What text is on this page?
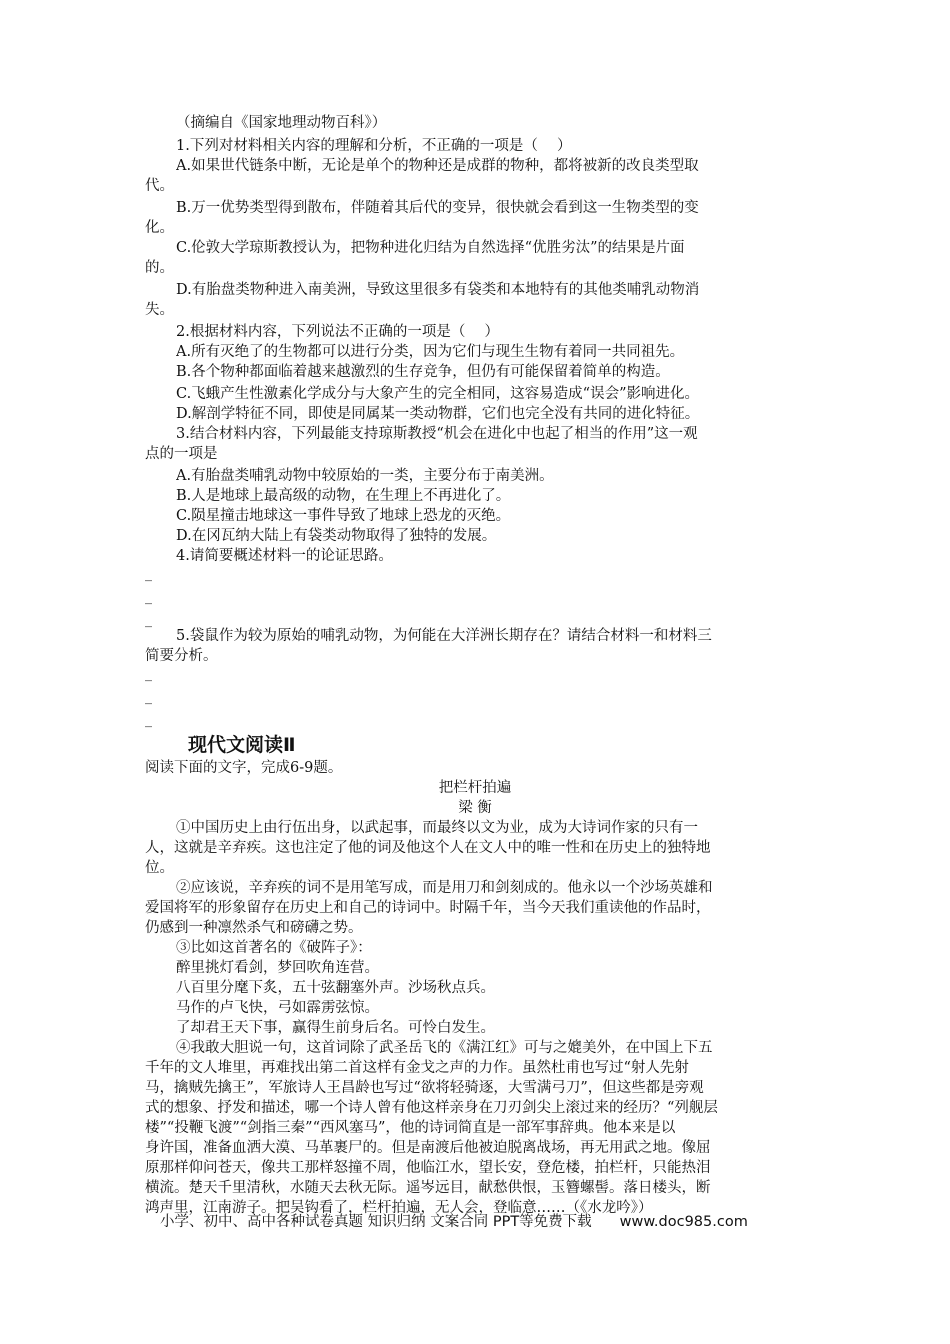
（摘编自《国家地理动物百科》）
1.下列对材料相关内容的理解和分析，不正确的一项是（　 ）
A.如果世代链条中断，无论是单个的物种还是成群的物种，都将被新的改良类型取
代。
B.万一优势类型得到散布，伴随着其后代的变异，很快就会看到这一生物类型的变
化。
C.伦敦大学琼斯教授认为，把物种进化归结为自然选择“优胜劣汰”的结果是片面
的。
D.有胎盘类物种进入南美洲，导致这里很多有袋类和本地特有的其他类哺乳动物消
失。
2.根据材料内容，下列说法不正确的一项是（　 ）
A.所有灭绝了的生物都可以进行分类，因为它们与现生生物有着同一共同祖先。
B.各个物种都面临着越来越激烈的生存竞争，但仍有可能保留着简单的构造。
C.飞蛾产生性激素化学成分与大象产生的完全相同，这容易造成“误会”影响进化。
D.解剖学特征不同，即使是同属某一类动物群，它们也完全没有共同的进化特征。
3.结合材料内容，下列最能支持琼斯教授“机会在进化中也起了相当的作用”这一观
点的一项是
A.有胎盘类哺乳动物中较原始的一类，主要分布于南美洲。
B.人是地球上最高级的动物，在生理上不再进化了。
C.陨星撞击地球这一事件导致了地球上恐龙的灭绝。
D.在冈瓦纳大陆上有袋类动物取得了独特的发展。
4.请简要概述材料一的论证思路。
_
_
_
5.袋鼠作为较为原始的哺乳动物，为何能在大洋洲长期存在？请结合材料一和材料三
简要分析。
_
_
_
现代文阅读Ⅱ
阅读下面的文字，完成6-9题。
把栏杆拍遍
梁 衡
①中国历史上由行伍出身，以武起事，而最终以文为业，成为大诗词作家的只有一
人，这就是辛弃疾。这也注定了他的词及他这个人在文人中的唯一性和在历史上的独特地
位。
②应该说，辛弃疾的词不是用笔写成，而是用刀和剑刻成的。他永以一个沙场英雄和
爱国将军的形象留存在历史上和自己的诗词中。时隔千年，当今天我们重读他的作品时，
仍感到一种凛然杀气和磅礴之势。
③比如这首著名的《破阵子》：
醉里挑灯看剑，梦回吹角连营。
八百里分麾下炙，五十弦翻塞外声。沙场秋点兵。
马作的卢飞快，弓如霹雳弦惊。
了却君王天下事，赢得生前身后名。可怜白发生。
④我敢大胆说一句，这首词除了武圣岳飞的《满江红》可与之媲美外，在中国上下五
千年的文人堆里，再难找出第二首这样有金戈之声的力作。虽然杜甫也写过“射人先射
马，擒贼先擒王”，军旅诗人王昌龄也写过“欲将轻骑逐，大雪满弓刀”，但这些都是旁观
式的想象、抒发和描述，哪一个诗人曾有他这样亲身在刀刃剑尖上滚过来的经历？“列舰层
楼”“投鞭飞渡”“剑指三秦”“西风塞马”，他的诗词简直是一部军事辞典。他本来是以
身许国，准备血洒大漠、马革裹尸的。但是南渡后他被迫脱离战场，再无用武之地。像屈
原那样仰问苍天，像共工那样怒撞不周，他临江水，望长安，登危楼，拍栏杆，只能热泪
横流。楚天千里清秋，水随天去秋无际。遥岑远目，献愁供恨，玉簪螺髻。落日楼头，断
鸿声里，江南游子。把吴钩看了，栏杆拍遍，无人会，登临意……（《水龙吟》）
小学、初中、高中各种试卷真题 知识归纳 文案合同 PPT等免费下载 www.doc985.com
